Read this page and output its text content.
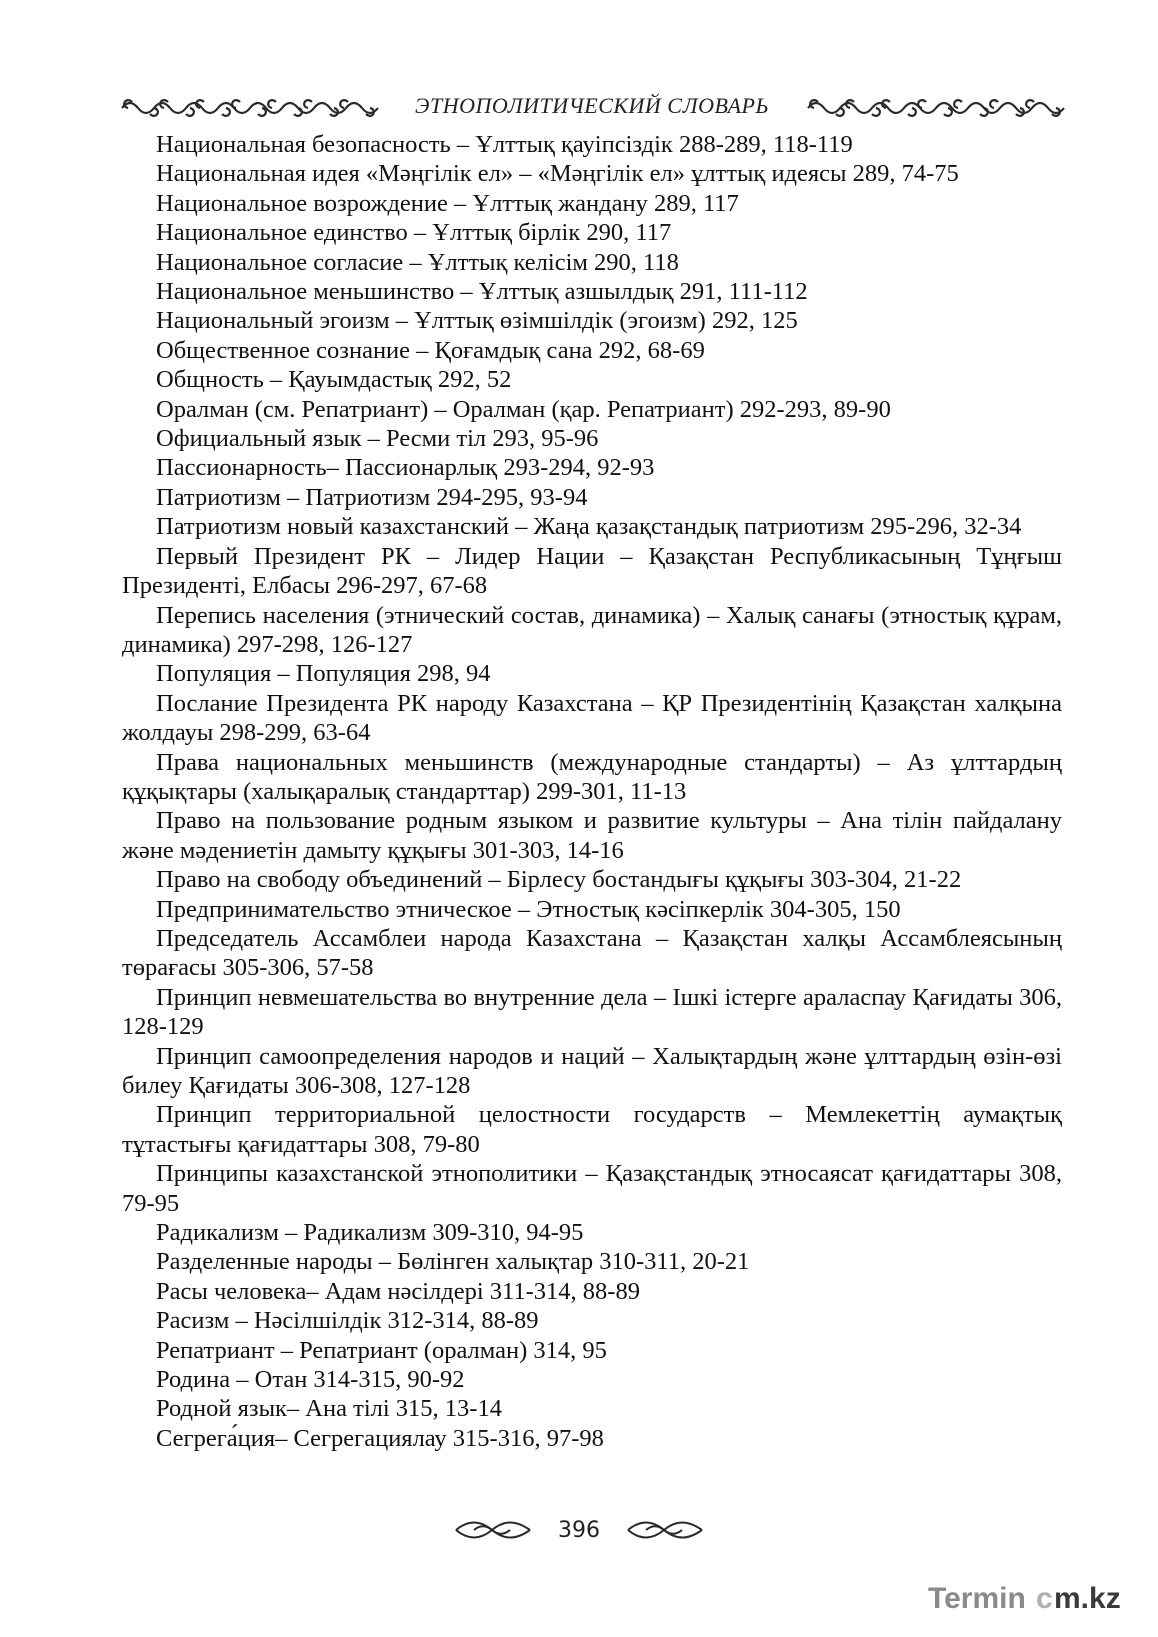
ЭТНОПОЛИТИЧЕСКИЙ СЛОВАРЬ

Национальная безопасность – Ұлттық қауіпсіздік 288-289, 118-119

Национальная идея «Мәңгілік ел» – «Мәңгілік ел» ұлттық идеясы 289, 74-75

Национальное возрождение – Ұлттық жандану 289, 117

Национальное единство – Ұлттық бірлік 290, 117

Национальное согласие – Ұлттық келісім 290, 118

Национальное меньшинство – Ұлттық азшылдық 291, 111-112

Национальный эгоизм – Ұлттық өзімшілдік (эгоизм) 292, 125

Общественное сознание – Қоғамдық сана 292, 68-69

Общность – Қауымдастық 292, 52

Оралман (см. Репатриант) – Оралман (қар. Репатриант) 292-293, 89-90

Официальный язык – Ресми тіл 293, 95-96

Пассионарность– Пассионарлық 293-294, 92-93

Патриотизм – Патриотизм 294-295, 93-94

Патриотизм новый казахстанский – Жаңа қазақстандық патриотизм 295-296, 32-34

Первый Президент РК – Лидер Нации – Қазақстан Республикасының Тұңғыш Президенті, Елбасы 296-297, 67-68

Перепись населения (этнический состав, динамика) – Халық санағы (этностық құрам, динамика) 297-298, 126-127

Популяция – Популяция 298, 94

Послание Президента РК народу Казахстана – ҚР Президентінің Қазақстан халқына жолдауы 298-299, 63-64

Права национальных меньшинств (международные стандарты) – Аз ұлттардың құқықтары (халықаралық стандарттар) 299-301, 11-13

Право на пользование родным языком и развитие культуры – Ана тілін пайдалану және мәдениетін дамыту құқығы 301-303, 14-16

Право на свободу объединений – Бірлесу бостандығы құқығы 303-304, 21-22

Предпринимательство этническое – Этностық кәсіпкерлік 304-305, 150

Председатель Ассамблеи народа Казахстана – Қазақстан халқы Ассамблеясының төрағасы 305-306, 57-58

Принцип невмешательства во внутренние дела – Ішкі істерге араласпау Қағидаты 306, 128-129

Принцип самоопределения народов и наций – Халықтардың және ұлттардың өзін-өзі билеу Қағидаты 306-308, 127-128

Принцип территориальной целостности государств – Мемлекеттің аумақтық тұтастығы қағидаттары 308, 79-80

Принципы казахстанской этнополитики – Қазақстандық этносаясат қағидаттары 308, 79-95

Радикализм – Радикализм 309-310, 94-95

Разделенные народы – Бөлінген халықтар 310-311, 20-21

Расы человека– Адам нәсілдері 311-314, 88-89

Расизм – Нәсілшілдік 312-314, 88-89

Репатриант – Репатриант (оралман) 314, 95

Родина – Отан 314-315, 90-92

Родной язык– Ана тілі 315, 13-14

Сегрега́ция– Сегрегациялау 315-316, 97-98

396
Termin c m.kz
